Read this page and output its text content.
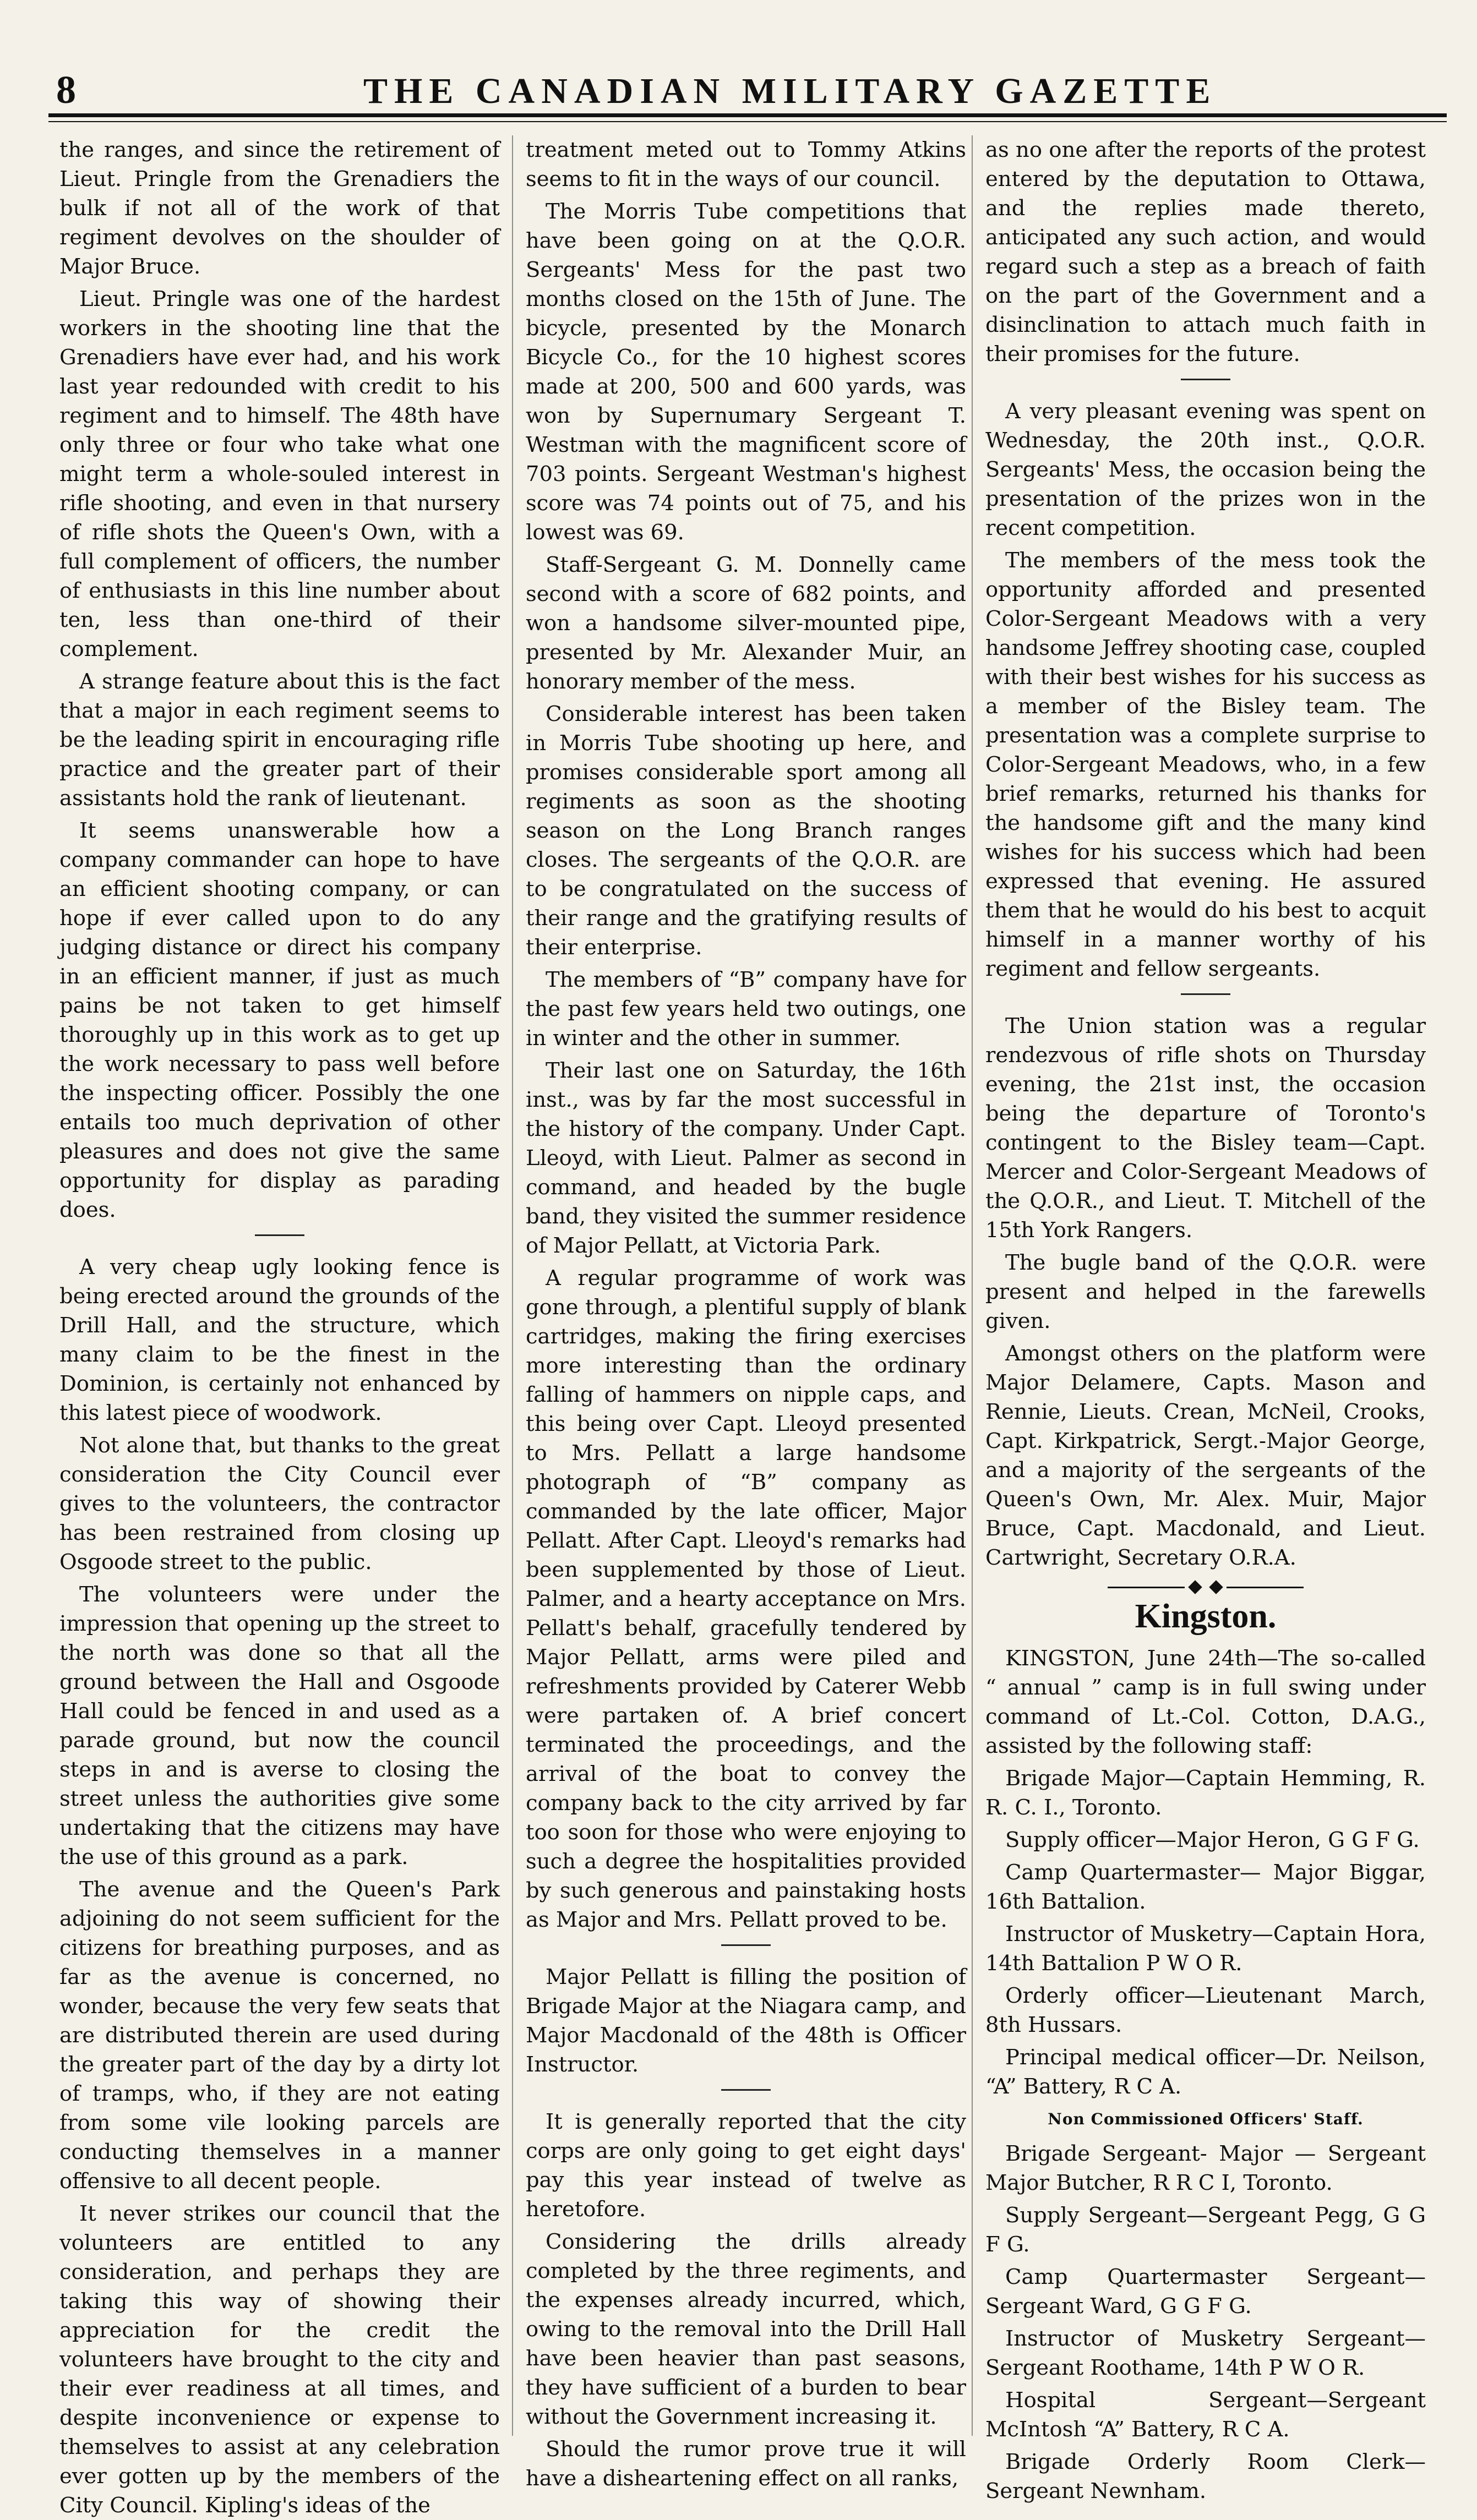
8	THE CANADIAN MILITARY GAZETTE

the ranges, and since the retirement of Lieut. Pringle from the Grenadiers the bulk if not all of the work of that regiment devolves on the shoulder of Major Bruce.

Lieut. Pringle was one of the hardest workers in the shooting line that the Grenadiers have ever had, and his work last year redounded with credit to his regiment and to himself. The 48th have only three or four who take what one might term a whole-souled interest in rifle shooting, and even in that nursery of rifle shots the Queen's Own, with a full complement of officers, the number of enthusiasts in this line number about ten, less than one-third of their complement.

A strange feature about this is the fact that a major in each regiment seems to be the leading spirit in encouraging rifle practice and the greater part of their assistants hold the rank of lieutenant.

It seems unanswerable how a company commander can hope to have an efficient shooting company, or can hope if ever called upon to do any judging distance or direct his company in an efficient manner, if just as much pains be not taken to get himself thoroughly up in this work as to get up the work necessary to pass well before the inspecting officer. Possibly the one entails too much deprivation of other pleasures and does not give the same opportunity for display as parading does.

A very cheap ugly looking fence is being erected around the grounds of the Drill Hall, and the structure, which many claim to be the finest in the Dominion, is certainly not enhanced by this latest piece of woodwork.

Not alone that, but thanks to the great consideration the City Council ever gives to the volunteers, the contractor has been restrained from closing up Osgoode street to the public.

The volunteers were under the impression that opening up the street to the north was done so that all the ground between the Hall and Osgoode Hall could be fenced in and used as a parade ground, but now the council steps in and is averse to closing the street unless the authorities give some undertaking that the citizens may have the use of this ground as a park.

The avenue and the Queen's Park adjoining do not seem sufficient for the citizens for breathing purposes, and as far as the avenue is concerned, no wonder, because the very few seats that are distributed therein are used during the greater part of the day by a dirty lot of tramps, who, if they are not eating from some vile looking parcels are conducting themselves in a manner offensive to all decent people.

It never strikes our council that the volunteers are entitled to any consideration, and perhaps they are taking this way of showing their appreciation for the credit the volunteers have brought to the city and their ever readiness at all times, and despite inconvenience or expense to themselves to assist at any celebration ever gotten up by the members of the City Council. Kipling's ideas of the

treatment meted out to Tommy Atkins seems to fit in the ways of our council.

The Morris Tube competitions that have been going on at the Q.O.R. Sergeants' Mess for the past two months closed on the 15th of June. The bicycle, presented by the Monarch Bicycle Co., for the 10 highest scores made at 200, 500 and 600 yards, was won by Supernumary Sergeant T. Westman with the magnificent score of 703 points. Sergeant Westman's highest score was 74 points out of 75, and his lowest was 69.

Staff-Sergeant G. M. Donnelly came second with a score of 682 points, and won a handsome silver-mounted pipe, presented by Mr. Alexander Muir, an honorary member of the mess.

Considerable interest has been taken in Morris Tube shooting up here, and promises considerable sport among all regiments as soon as the shooting season on the Long Branch ranges closes. The sergeants of the Q.O.R. are to be congratulated on the success of their range and the gratifying results of their enterprise.

The members of “B” company have for the past few years held two outings, one in winter and the other in summer.

Their last one on Saturday, the 16th inst., was by far the most successful in the history of the company. Under Capt. Lleoyd, with Lieut. Palmer as second in command, and headed by the bugle band, they visited the summer residence of Major Pellatt, at Victoria Park.

A regular programme of work was gone through, a plentiful supply of blank cartridges, making the firing exercises more interesting than the ordinary falling of hammers on nipple caps, and this being over Capt. Lleoyd presented to Mrs. Pellatt a large handsome photograph of “B” company as commanded by the late officer, Major Pellatt. After Capt. Lleoyd's remarks had been supplemented by those of Lieut. Palmer, and a hearty acceptance on Mrs. Pellatt's behalf, gracefully tendered by Major Pellatt, arms were piled and refreshments provided by Caterer Webb were partaken of. A brief concert terminated the proceedings, and the arrival of the boat to convey the company back to the city arrived by far too soon for those who were enjoying to such a degree the hospitalities provided by such generous and painstaking hosts as Major and Mrs. Pellatt proved to be.

Major Pellatt is filling the position of Brigade Major at the Niagara camp, and Major Macdonald of the 48th is Officer Instructor.

It is generally reported that the city corps are only going to get eight days' pay this year instead of twelve as heretofore.

Considering the drills already completed by the three regiments, and the expenses already incurred, which, owing to the removal into the Drill Hall have been heavier than past seasons, they have sufficient of a burden to bear without the Government increasing it.

Should the rumor prove true it will have a disheartening effect on all ranks,

as no one after the reports of the protest entered by the deputation to Ottawa, and the replies made thereto, anticipated any such action, and would regard such a step as a breach of faith on the part of the Government and a disinclination to attach much faith in their promises for the future.

A very pleasant evening was spent on Wednesday, the 20th inst., Q.O.R. Sergeants' Mess, the occasion being the presentation of the prizes won in the recent competition.

The members of the mess took the opportunity afforded and presented Color-Sergeant Meadows with a very handsome Jeffrey shooting case, coupled with their best wishes for his success as a member of the Bisley team. The presentation was a complete surprise to Color-Sergeant Meadows, who, in a few brief remarks, returned his thanks for the handsome gift and the many kind wishes for his success which had been expressed that evening. He assured them that he would do his best to acquit himself in a manner worthy of his regiment and fellow sergeants.

The Union station was a regular rendezvous of rifle shots on Thursday evening, the 21st inst, the occasion being the departure of Toronto's contingent to the Bisley team—Capt. Mercer and Color-Sergeant Meadows of the Q.O.R., and Lieut. T. Mitchell of the 15th York Rangers.

The bugle band of the Q.O.R. were present and helped in the farewells given.

Amongst others on the platform were Major Delamere, Capts. Mason and Rennie, Lieuts. Crean, McNeil, Crooks, Capt. Kirkpatrick, Sergt.-Major George, and a majority of the sergeants of the Queen's Own, Mr. Alex. Muir, Major Bruce, Capt. Macdonald, and Lieut. Cartwright, Secretary O.R.A.

Kingston.

KINGSTON, June 24th—The so-called “ annual ” camp is in full swing under command of Lt.-Col. Cotton, D.A.G., assisted by the following staff:

Brigade Major—Captain Hemming, R. R. C. I., Toronto.

Supply officer—Major Heron, G G F G.

Camp Quartermaster— Major Biggar, 16th Battalion.

Instructor of Musketry—Captain Hora, 14th Battalion P W O R.

Orderly officer—Lieutenant March, 8th Hussars.

Principal medical officer—Dr. Neilson, “A” Battery, R C A.

Non Commissioned Officers' Staff.

Brigade Sergeant- Major — Sergeant Major Butcher, R R C I, Toronto.

Supply Sergeant—Sergeant Pegg, G G F G.

Camp Quartermaster Sergeant—Sergeant Ward, G G F G.

Instructor of Musketry Sergeant—Sergeant Roothame, 14th P W O R.

Hospital Sergeant—Sergeant McIntosh “A” Battery, R C A.

Brigade Orderly Room Clerk—Sergeant Newnham.
